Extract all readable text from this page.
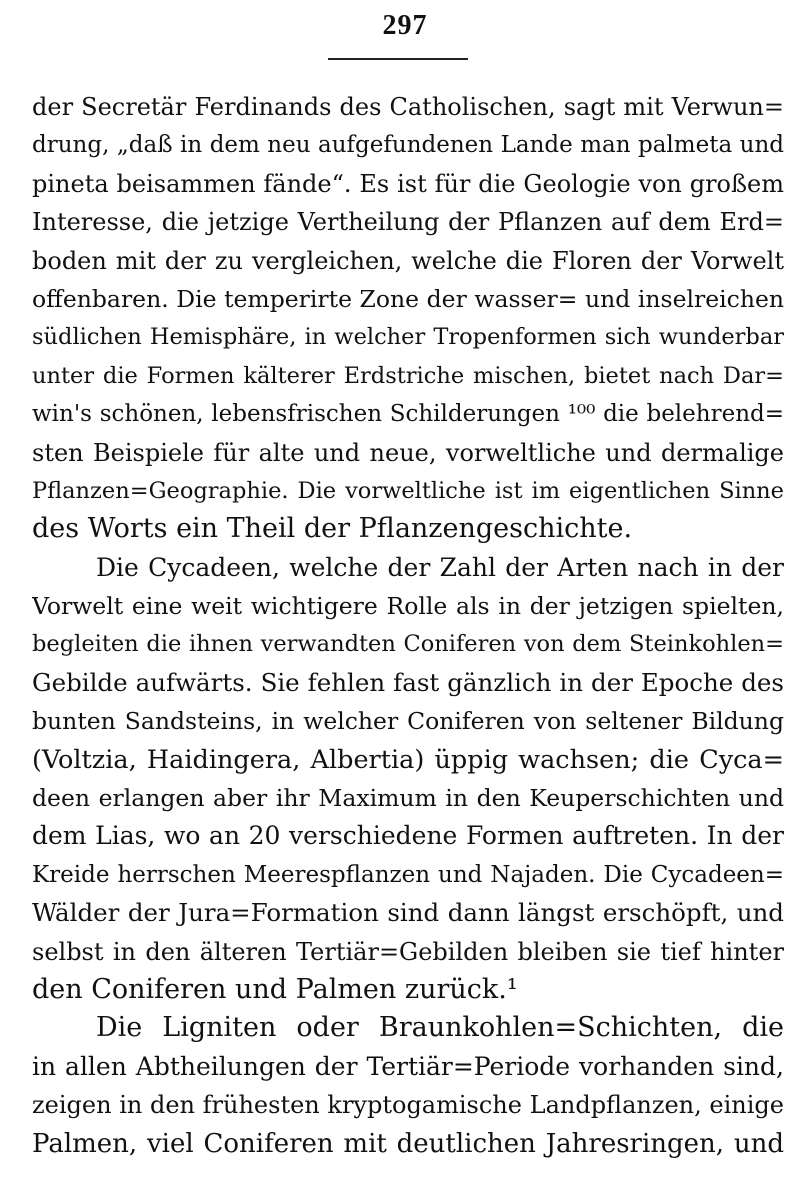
297
der Secretär Ferdinands des Catholischen, sagt mit Verwun=
drung, „daß in dem neu aufgefundenen Lande man palmeta und
pineta beisammen fände“. Es ist für die Geologie von großem
Interesse, die jetzige Vertheilung der Pflanzen auf dem Erd=
boden mit der zu vergleichen, welche die Floren der Vorwelt
offenbaren. Die temperirte Zone der wasser= und inselreichen
südlichen Hemisphäre, in welcher Tropenformen sich wunderbar
unter die Formen kälterer Erdstriche mischen, bietet nach Dar=
win's schönen, lebensfrischen Schilderungen ¹⁰⁰ die belehrend=
sten Beispiele für alte und neue, vorweltliche und dermalige
Pflanzen=Geographie. Die vorweltliche ist im eigentlichen Sinne
des Worts ein Theil der Pflanzengeschichte.
Die Cycadeen, welche der Zahl der Arten nach in der
Vorwelt eine weit wichtigere Rolle als in der jetzigen spielten,
begleiten die ihnen verwandten Coniferen von dem Steinkohlen=
Gebilde aufwärts. Sie fehlen fast gänzlich in der Epoche des
bunten Sandsteins, in welcher Coniferen von seltener Bildung
(Voltzia, Haidingera, Albertia) üppig wachsen; die Cyca=
deen erlangen aber ihr Maximum in den Keuperschichten und
dem Lias, wo an 20 verschiedene Formen auftreten. In der
Kreide herrschen Meerespflanzen und Najaden. Die Cycadeen=
Wälder der Jura=Formation sind dann längst erschöpft, und
selbst in den älteren Tertiär=Gebilden bleiben sie tief hinter
den Coniferen und Palmen zurück.¹
Die Ligniten oder Braunkohlen=Schichten, die
in allen Abtheilungen der Tertiär=Periode vorhanden sind,
zeigen in den frühesten kryptogamische Landpflanzen, einige
Palmen, viel Coniferen mit deutlichen Jahresringen, und
